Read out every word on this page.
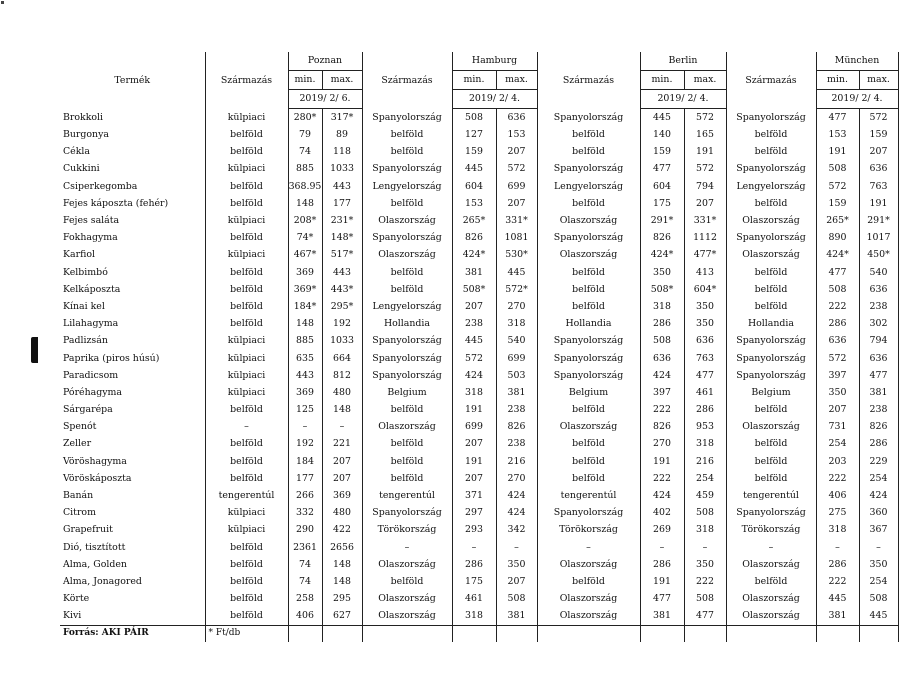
Termék	Származás	Poznan		Származás	Hamburg		Származás	Berlin		Származás	München	
		min.	max.		min.	max.		min.	max.		min.	max.
		2019/ 2/ 6.			2019/ 2/ 4.			2019/ 2/ 4.			2019/ 2/ 4.	
Brokkoli	külpiaci	280*	317*	Spanyolország	508	636	Spanyolország	445	572	Spanyolország	477	572
Burgonya	belföld	79	89	belföld	127	153	belföld	140	165	belföld	153	159
Cékla	belföld	74	118	belföld	159	207	belföld	159	191	belföld	191	207
Cukkini	külpiaci	885	1033	Spanyolország	445	572	Spanyolország	477	572	Spanyolország	508	636
Csiperkegomba	belföld	368.95	443	Lengyelország	604	699	Lengyelország	604	794	Lengyelország	572	763
Fejes káposzta (fehér)	belföld	148	177	belföld	153	207	belföld	175	207	belföld	159	191
Fejes saláta	külpiaci	208*	231*	Olaszország	265*	331*	Olaszország	291*	331*	Olaszország	265*	291*
Fokhagyma	belföld	74*	148*	Spanyolország	826	1081	Spanyolország	826	1112	Spanyolország	890	1017
Karfiol	külpiaci	467*	517*	Olaszország	424*	530*	Olaszország	424*	477*	Olaszország	424*	450*
Kelbimbó	belföld	369	443	belföld	381	445	belföld	350	413	belföld	477	540
Kelkáposzta	belföld	369*	443*	belföld	508*	572*	belföld	508*	604*	belföld	508	636
Kínai kel	belföld	184*	295*	Lengyelország	207	270	belföld	318	350	belföld	222	238
Lilahagyma	belföld	148	192	Hollandia	238	318	Hollandia	286	350	Hollandia	286	302
Padlizsán	külpiaci	885	1033	Spanyolország	445	540	Spanyolország	508	636	Spanyolország	636	794
Paprika (piros húsú)	külpiaci	635	664	Spanyolország	572	699	Spanyolország	636	763	Spanyolország	572	636
Paradicsom	külpiaci	443	812	Spanyolország	424	503	Spanyolország	424	477	Spanyolország	397	477
Póréhagyma	külpiaci	369	480	Belgium	318	381	Belgium	397	461	Belgium	350	381
Sárgarépa	belföld	125	148	belföld	191	238	belföld	222	286	belföld	207	238
Spenót	–	–	–	Olaszország	699	826	Olaszország	826	953	Olaszország	731	826
Zeller	belföld	192	221	belföld	207	238	belföld	270	318	belföld	254	286
Vöröshagyma	belföld	184	207	belföld	191	216	belföld	191	216	belföld	203	229
Vöröskáposzta	belföld	177	207	belföld	207	270	belföld	222	254	belföld	222	254
Banán	tengerentúl	266	369	tengerentúl	371	424	tengerentúl	424	459	tengerentúl	406	424
Citrom	külpiaci	332	480	Spanyolország	297	424	Spanyolország	402	508	Spanyolország	275	360
Grapefruit	külpiaci	290	422	Törökország	293	342	Törökország	269	318	Törökország	318	367
Dió, tisztított	belföld	2361	2656	–	–	–	–	–	–	–	–	–
Alma, Golden	belföld	74	148	Olaszország	286	350	Olaszország	286	350	Olaszország	286	350
Alma, Jonagored	belföld	74	148	belföld	175	207	belföld	191	222	belföld	222	254
Körte	belföld	258	295	Olaszország	461	508	Olaszország	477	508	Olaszország	445	508
Kivi	belföld	406	627	Olaszország	318	381	Olaszország	381	477	Olaszország	381	445
Forrás: AKI PÁIR	* Ft/db											
